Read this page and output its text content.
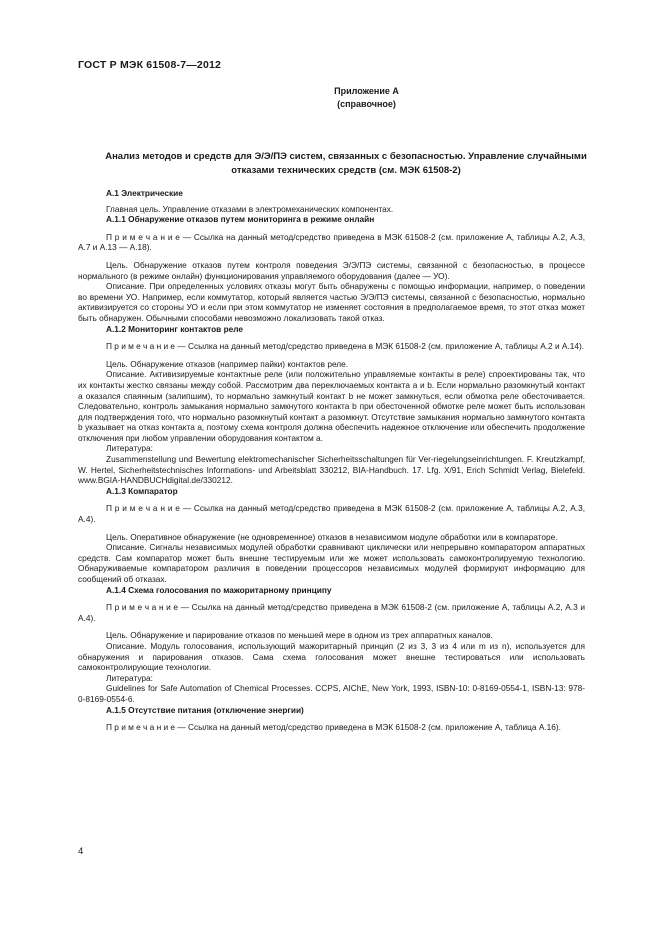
ГОСТ Р МЭК 61508-7—2012
Приложение А
(справочное)
Анализ методов и средств для Э/Э/ПЭ систем, связанных с безопасностью. Управление случайными отказами технических средств (см. МЭК 61508-2)

А.1 Электрические

Главная цель. Управление отказами в электромеханических компонентах.

А.1.1 Обнаружение отказов путем мониторинга в режиме онлайн

П р и м е ч а н и е — Ссылка на данный метод/средство приведена в МЭК 61508-2 (см. приложение А, таблицы А.2, А.3, А.7 и А.13 — А.18).

Цель. Обнаружение отказов путем контроля поведения Э/Э/ПЭ системы, связанной с безопасностью, в процессе нормального (в режиме онлайн) функционирования управляемого оборудования (далее — УО).

Описание. При определенных условиях отказы могут быть обнаружены с помощью информации, например, о поведении во времени УО. Например, если коммутатор, который является частью Э/Э/ПЭ системы, связанной с безопасностью, нормально активизируется со стороны УО и если при этом коммутатор не изменяет состояния в предполагаемое время, то этот отказ может быть обнаружен. Обычными способами невозможно локализовать такой отказ.

А.1.2 Мониторинг контактов реле

П р и м е ч а н и е — Ссылка на данный метод/средство приведена в МЭК 61508-2 (см. приложение А, таблицы А.2 и А.14).

Цель. Обнаружение отказов (например пайки) контактов реле.

Описание. Активизируемые контактные реле (или положительно управляемые контакты в реле) спроектированы так, что их контакты жестко связаны между собой. Рассмотрим два переключаемых контакта a и b. Если нормально разомкнутый контакт a оказался спаянным (залипшим), то нормально замкнутый контакт b не может замкнуться, если обмотка реле обесточивается. Следовательно, контроль замыкания нормально замкнутого контакта b при обесточенной обмотке реле может быть использован для подтверждения того, что нормально разомкнутый контакт a разомкнут. Отсутствие замыкания нормально замкнутого контакта b указывает на отказ контакта a, поэтому схема контроля должна обеспечить надежное отключение или обеспечить продолжение отключения при любом управлении оборудования контактом a.

Литература:

Zusammenstellung und Bewertung elektromechanischer Sicherheitsschaltungen für Ver-riegelungseinrichtungen. F. Kreutzkampf, W. Hertel, Sicherheitstechnisches Informations- und Arbeitsblatt 330212, BIA-Handbuch. 17. Lfg. X/91, Erich Schmidt Verlag, Bielefeld. www.BGIA-HANDBUCHdigital.de/330212.

А.1.3 Компаратор

П р и м е ч а н и е — Ссылка на данный метод/средство приведена в МЭК 61508-2 (см. приложение А, таблицы А.2, А.3, А.4).

Цель. Оперативное обнаружение (не одновременное) отказов в независимом модуле обработки или в компараторе.

Описание. Сигналы независимых модулей обработки сравнивают циклически или непрерывно компаратором аппаратных средств. Сам компаратор может быть внешне тестируемым или же может использовать самоконтролируемую технологию. Обнаруживаемые компаратором различия в поведении процессоров независимых модулей формируют информацию для сообщений об отказах.

А.1.4 Схема голосования по мажоритарному принципу

П р и м е ч а н и е — Ссылка на данный метод/средство приведена в МЭК 61508-2 (см. приложение А, таблицы А.2, А.3 и А.4).

Цель. Обнаружение и парирование отказов по меньшей мере в одном из трех аппаратных каналов.

Описание. Модуль голосования, использующий мажоритарный принцип (2 из 3, 3 из 4 или m из n), используется для обнаружения и парирования отказов. Сама схема голосования может внешне тестироваться или использовать самоконтролирующие технологии.

Литература:

Guidelines for Safe Automation of Chemical Processes. CCPS, AIChE, New York, 1993, ISBN-10: 0-8169-0554-1, ISBN-13: 978-0-8169-0554-6.

А.1.5 Отсутствие питания (отключение энергии)

П р и м е ч а н и е — Ссылка на данный метод/средство приведена в МЭК 61508-2 (см. приложение А, таблица А.16).

4
